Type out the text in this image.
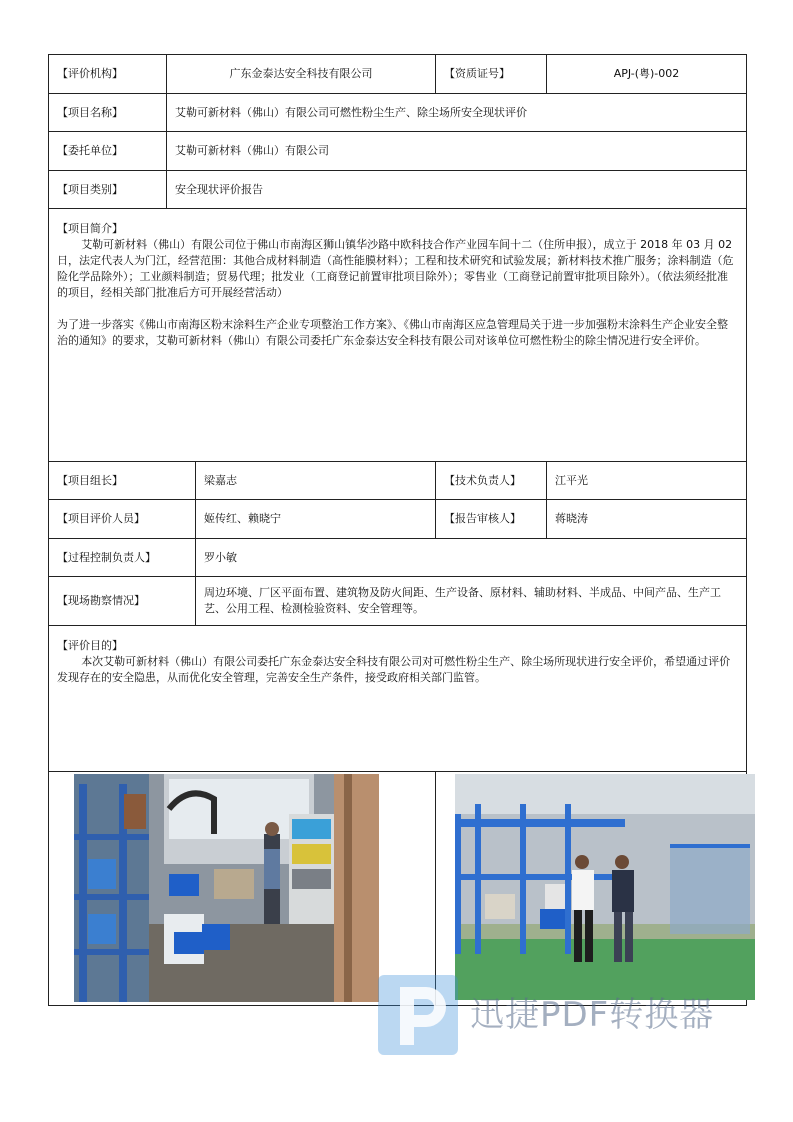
【评价机构】	广东金泰达安全科技有限公司		【资质证号】	APJ-(粤)-002
【项目名称】	艾勒可新材料（佛山）有限公司可燃性粉尘生产、除尘场所安全现状评价			
【委托单位】	艾勒可新材料（佛山）有限公司			
【项目类别】	安全现状评价报告			

【项目简介】

艾勒可新材料（佛山）有限公司位于佛山市南海区狮山镇华沙路中欧科技合作产业园车间十二（住所申报），成立于 2018 年 03 月 02 日，法定代表人为门江，经营范围：其他合成材料制造（高性能膜材料）；工程和技术研究和试验发展；新材料技术推广服务；涂料制造（危险化学品除外）；工业颜料制造；贸易代理；批发业（工商登记前置审批项目除外）；零售业（工商登记前置审批项目除外）。（依法须经批准的项目，经相关部门批准后方可开展经营活动）

为了进一步落实《佛山市南海区粉末涂料生产企业专项整治工作方案》、《佛山市南海区应急管理局关于进一步加强粉末涂料生产企业安全整治的通知》的要求，艾勒可新材料（佛山）有限公司委托广东金泰达安全科技有限公司对该单位可燃性粉尘的除尘情况进行安全评价。				

【项目组长】		梁嘉志	【技术负责人】	江平光
【项目评价人员】		姬传红、赖晓宁	【报告审核人】	蒋晓涛
【过程控制负责人】		罗小敏		
【现场勘察情况】		周边环境、厂区平面布置、建筑物及防火间距、生产设备、原材料、辅助材料、半成品、中间产品、生产工艺、公用工程、检测检验资料、安全管理等。		

【评价目的】

本次艾勒可新材料（佛山）有限公司委托广东金泰达安全科技有限公司对可燃性粉尘生产、除尘场所现状进行安全评价，希望通过评价发现存在的安全隐患，从而优化安全管理，完善安全生产条件，接受政府相关部门监管。				

迅捷PDF转换器
